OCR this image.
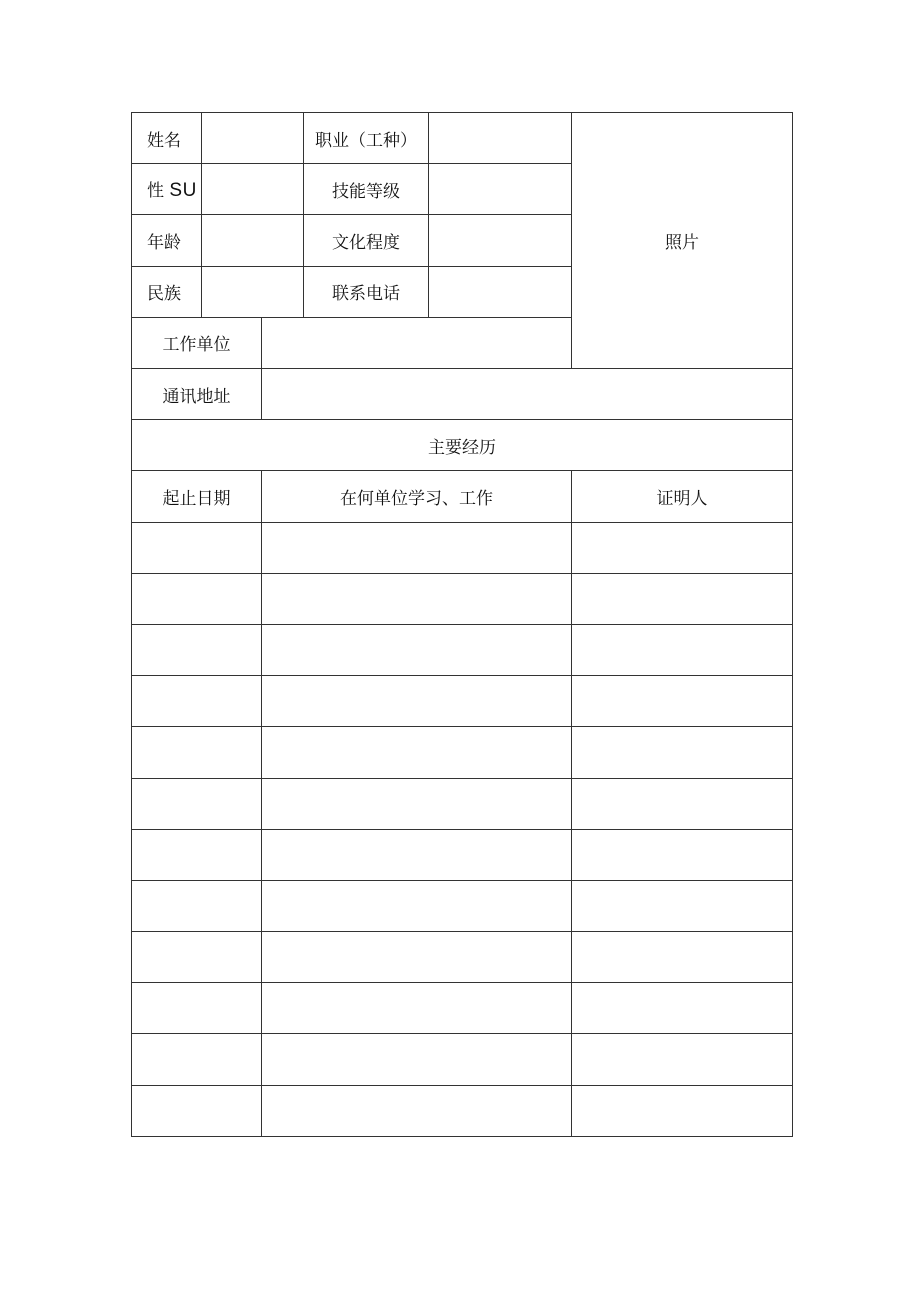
姓名			职业（工种）		照片
性 SU			技能等级		
年龄			文化程度		
民族			联系电话		
工作单位					
通讯地址					
主要经历					
起止日期		在何单位学习、工作			证明人
